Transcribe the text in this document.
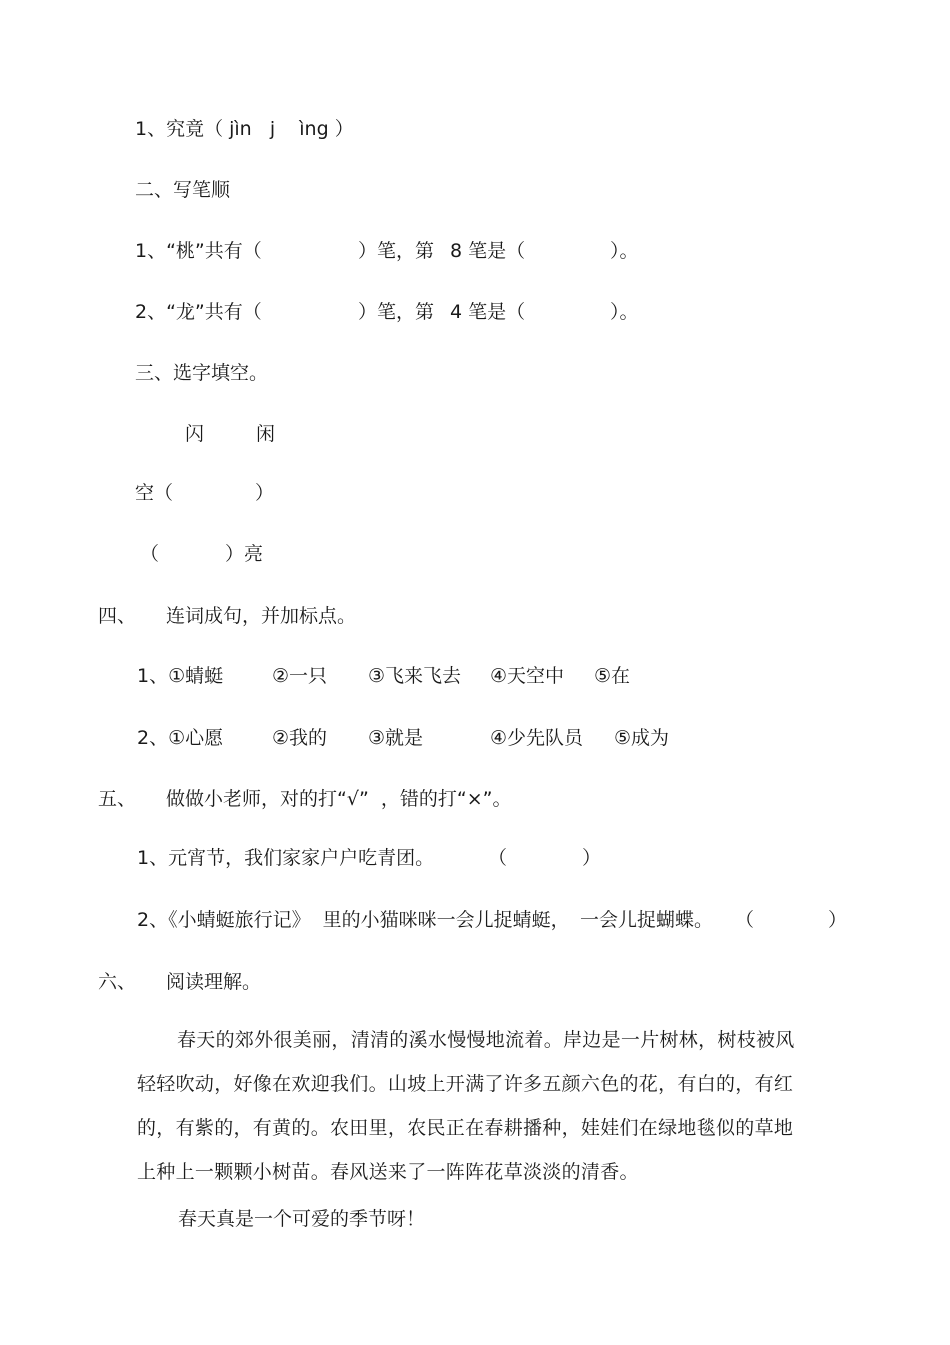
1、究竟（ jìn   j    ìng ）
二、写笔顺
1、“桃”共有（	）笔，第 8 笔是（	）。
2、“龙”共有（	）笔，第 4 笔是（	）。
三、选字填空。
闪	闲
空（	）
（	）亮
四、 连词成句，并加标点。
1、①蜻蜓	②一只 ③飞来飞去 ④天空中 ⑤在
2、①心愿	②我的 ③就是	④少先队员 ⑤成为
五、 做做小老师，对的打“√”  ，错的打“×”。
1、元宵节，我们家家户户吃青团。	（	）
2、《小蜻蜓旅行记》  里的小猫咪咪一会儿捉蜻蜓， 一会儿捉蝴蝶。 （	）
六、 阅读理解。
春天的郊外很美丽，清清的溪水慢慢地流着。岸边是一片树林，树枝被风轻轻吹动，好像在欢迎我们。山坡上开满了许多五颜六色的花，有白的，有红的，有紫的，有黄的。农田里，农民正在春耕播种，娃娃们在绿地毯似的草地上种上一颗颗小树苗。春风送来了一阵阵花草淡淡的清香。
春天真是一个可爱的季节呀！
